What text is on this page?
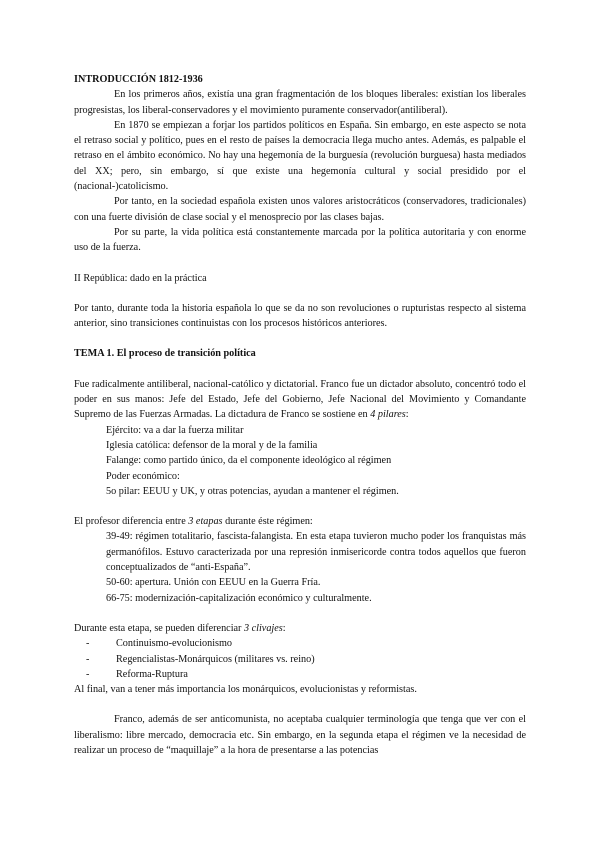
INTRODUCCIÓN 1812-1936

En los primeros años, existía una gran fragmentación de los bloques liberales: existían los liberales progresistas, los liberal-conservadores y el movimiento puramente conservador(antiliberal).

En 1870 se empiezan a forjar los partidos políticos en España. Sin embargo, en este aspecto se nota el retraso social y político, pues en el resto de países la democracia llega mucho antes. Además, es palpable el retraso en el ámbito económico. No hay una hegemonía de la burguesía (revolución burguesa) hasta mediados del XX; pero, sin embargo, sí que existe una hegemonía cultural y social presidido por el (nacional-)catolicismo.

Por tanto, en la sociedad española existen unos valores aristocráticos (conservadores, tradicionales) con una fuerte división de clase social y el menosprecio por las clases bajas.

Por su parte, la vida política está constantemente marcada por la política autoritaria y con enorme uso de la fuerza.

II República: dado en la práctica

Por tanto, durante toda la historia española lo que se da no son revoluciones o rupturistas respecto al sistema anterior, sino transiciones continuistas con los procesos históricos anteriores.

TEMA 1. El proceso de transición política

Fue radicalmente antiliberal, nacional-católico y dictatorial. Franco fue un dictador absoluto, concentró todo el poder en sus manos: Jefe del Estado, Jefe del Gobierno, Jefe Nacional del Movimiento y Comandante Supremo de las Fuerzas Armadas. La dictadura de Franco se sostiene en 4 pilares:

Ejército: va a dar la fuerza militar

Iglesia católica: defensor de la moral y de la familia

Falange: como partido único, da el componente ideológico al régimen

Poder económico:

5o pilar: EEUU y UK, y otras potencias, ayudan a mantener el régimen.

El profesor diferencia entre 3 etapas durante éste régimen:

39-49: régimen totalitario, fascista-falangista. En esta etapa tuvieron mucho poder los franquistas más germanófilos. Estuvo caracterizada por una represión inmisericorde contra todos aquellos que fueron conceptualizados de “anti-España”.

50-60: apertura. Unión con EEUU en la Guerra Fría.

66-75: modernización-capitalización económico y culturalmente.

Durante esta etapa, se pueden diferenciar 3 clivajes:

-	Continuismo-evolucionismo
-	Regencialistas-Monárquicos (militares vs. reino)
-	Reforma-Ruptura

Al final, van a tener más importancia los monárquicos, evolucionistas y reformistas.

Franco, además de ser anticomunista, no aceptaba cualquier terminología que tenga que ver con el liberalismo: libre mercado, democracia etc. Sin embargo, en la segunda etapa el régimen ve la necesidad de realizar un proceso de “maquillaje” a la hora de presentarse a las potencias
